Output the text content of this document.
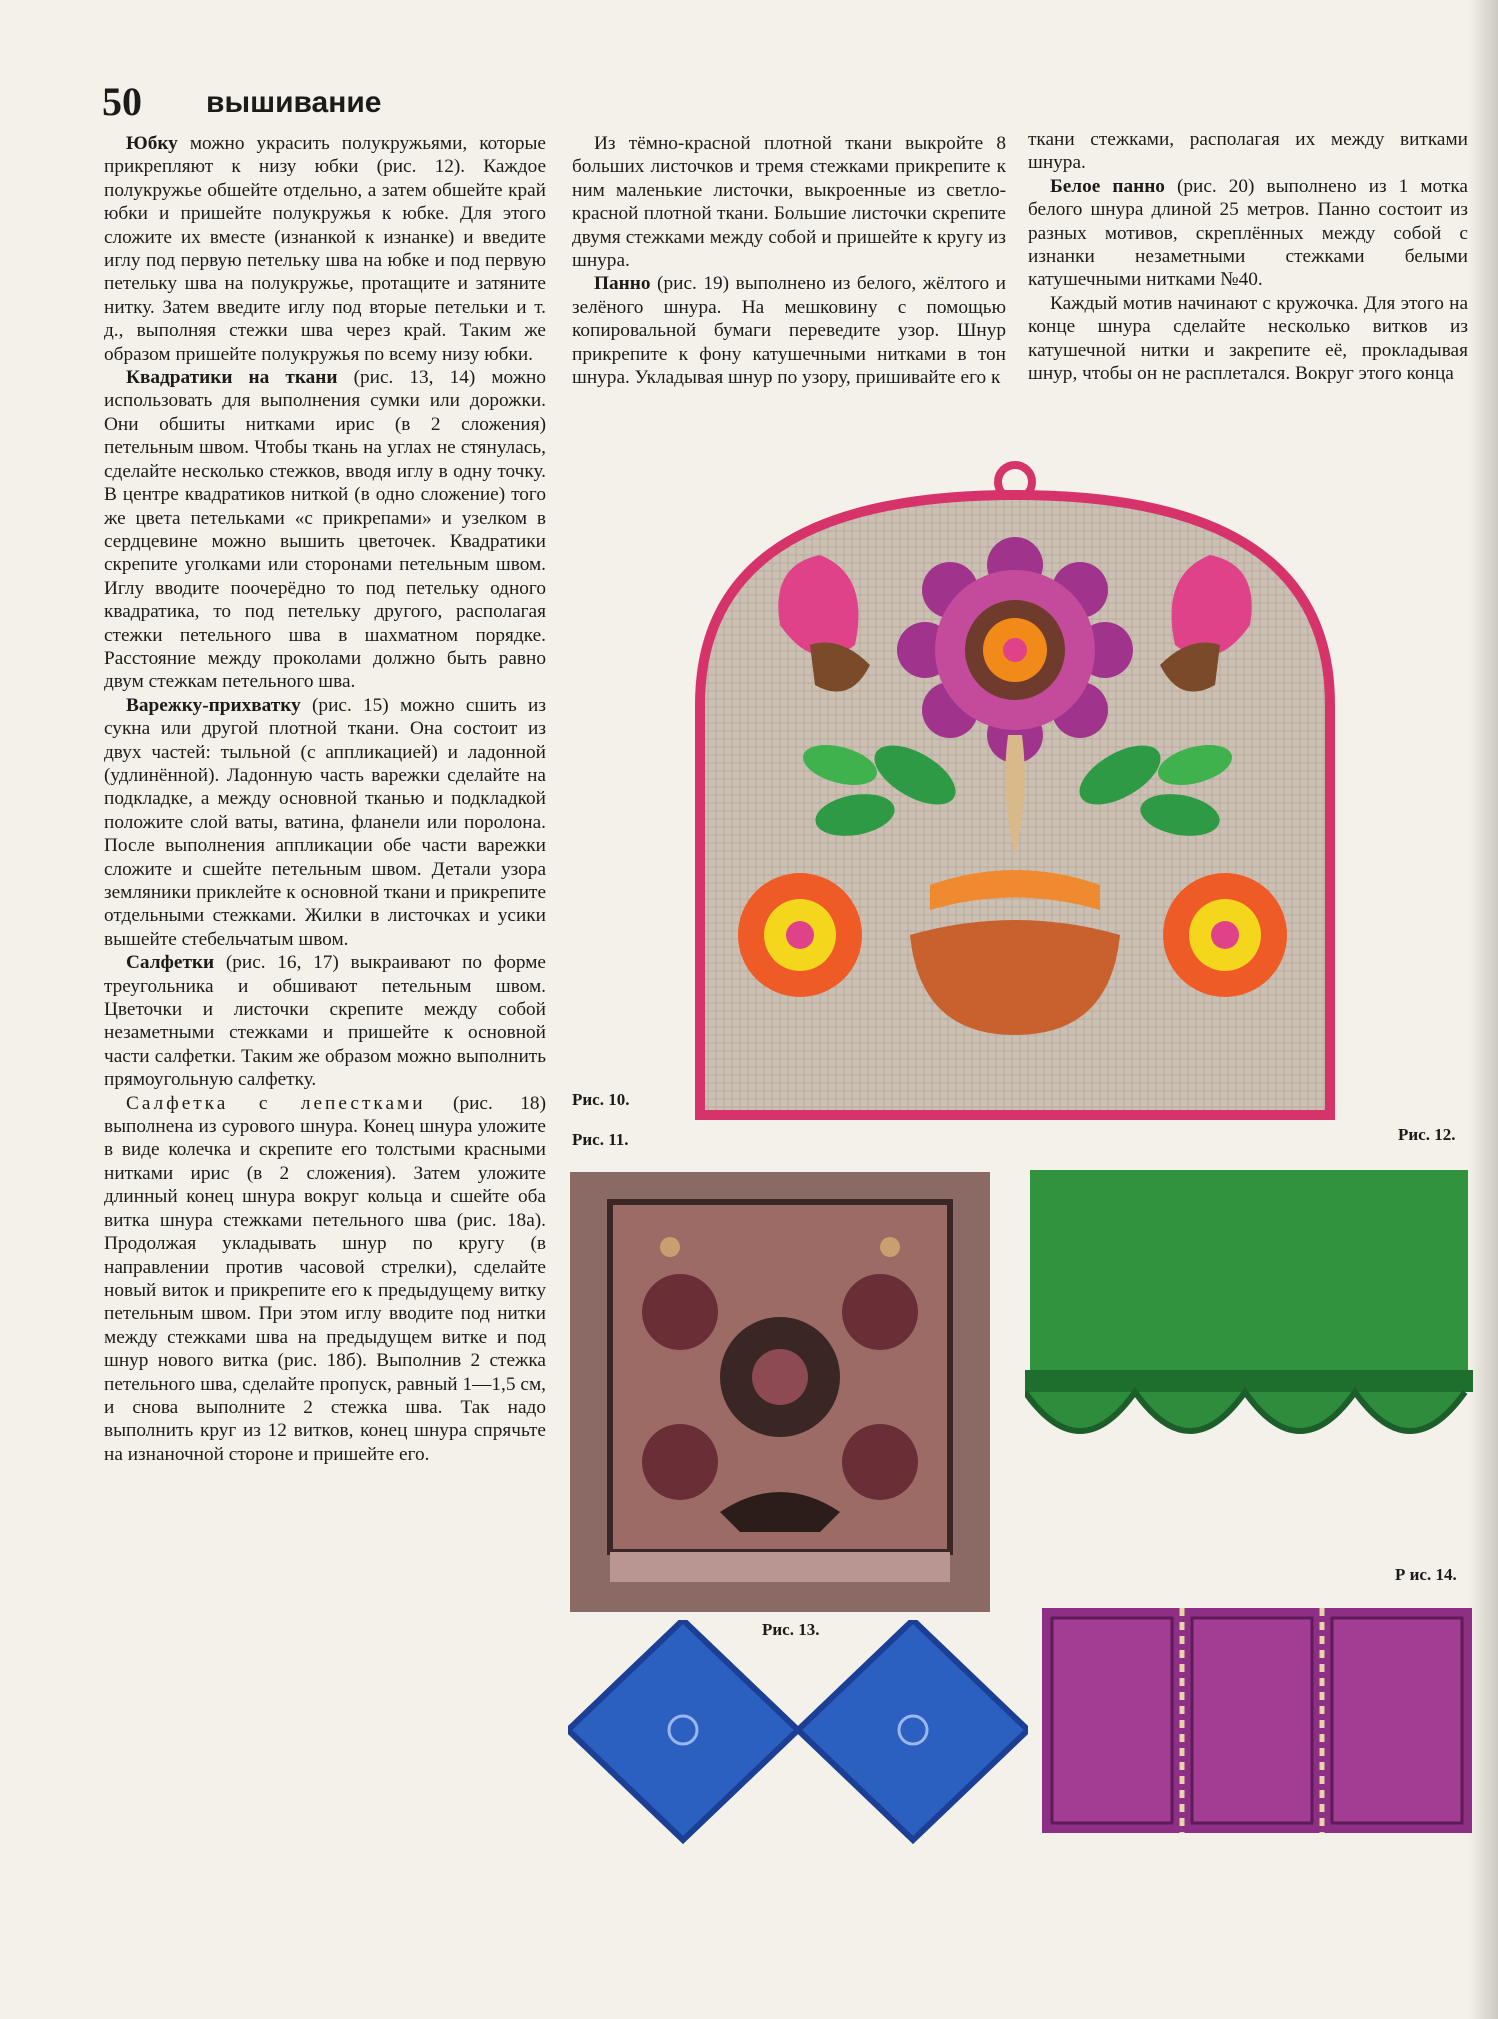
50 вышивание

Юбку можно украсить полукружьями, которые прикрепляют к низу юбки (рис. 12). Каждое полукружье обшейте отдельно, а затем обшейте край юбки и пришейте полукружья к юбке. Для этого сложите их вместе (изнанкой к изнанке) и введите иглу под первую петельку шва на юбке и под первую петельку шва на полукружье, протащите и затяните нитку. Затем введите иглу под вторые петельки и т. д., выполняя стежки шва через край. Таким же образом пришейте полукружья по всему низу юбки.

Квадратики на ткани (рис. 13, 14) можно использовать для выполнения сумки или дорожки. Они обшиты нитками ирис (в 2 сложения) петельным швом. Чтобы ткань на углах не стянулась, сделайте несколько стежков, вводя иглу в одну точку. В центре квадратиков ниткой (в одно сложение) того же цвета петельками «с прикрепами» и узелком в сердцевине можно вышить цветочек. Квадратики скрепите уголками или сторонами петельным швом. Иглу вводите поочерёдно то под петельку одного квадратика, то под петельку другого, располагая стежки петельного шва в шахматном порядке. Расстояние между проколами должно быть равно двум стежкам петельного шва.

Варежку-прихватку (рис. 15) можно сшить из сукна или другой плотной ткани. Она состоит из двух частей: тыльной (с аппликацией) и ладонной (удлинённой). Ладонную часть варежки сделайте на подкладке, а между основной тканью и подкладкой положите слой ваты, ватина, фланели или поролона. После выполнения аппликации обе части варежки сложите и сшейте петельным швом. Детали узора земляники приклейте к основной ткани и прикрепите отдельными стежками. Жилки в листочках и усики вышейте стебельчатым швом.

Салфетки (рис. 16, 17) выкраивают по форме треугольника и обшивают петельным швом. Цветочки и листочки скрепите между собой незаметными стежками и пришейте к основной части салфетки. Таким же образом можно выполнить прямоугольную салфетку.

Салфетка с лепестками (рис. 18) выполнена из сурового шнура. Конец шнура уложите в виде колечка и скрепите его толстыми красными нитками ирис (в 2 сложения). Затем уложите длинный конец шнура вокруг кольца и сшейте оба витка шнура стежками петельного шва (рис. 18а). Продолжая укладывать шнур по кругу (в направлении против часовой стрелки), сделайте новый виток и прикрепите его к предыдущему витку петельным швом. При этом иглу вводите под нитки между стежками шва на предыдущем витке и под шнур нового витка (рис. 18б). Выполнив 2 стежка петельного шва, сделайте пропуск, равный 1—1,5 см, и снова выполните 2 стежка шва. Так надо выполнить круг из 12 витков, конец шнура спрячьте на изнаночной стороне и пришейте его.

Из тёмно-красной плотной ткани выкройте 8 больших листочков и тремя стежками прикрепите к ним маленькие листочки, выкроенные из светло-красной плотной ткани. Большие листочки скрепите двумя стежками между собой и пришейте к кругу из шнура.

Панно (рис. 19) выполнено из белого, жёлтого и зелёного шнура. На мешковину с помощью копировальной бумаги переведите узор. Шнур прикрепите к фону катушечными нитками в тон шнура. Укладывая шнур по узору, пришивайте его к

ткани стежками, располагая их между витками шнура.

Белое панно (рис. 20) выполнено из 1 мотка белого шнура длиной 25 метров. Панно состоит из разных мотивов, скреплённых между собой с изнанки незаметными стежками белыми катушечными нитками №40.

Каждый мотив начинают с кружочка. Для этого на конце шнура сделайте несколько витков из катушечной нитки и закрепите её, прокладывая шнур, чтобы он не расплетался. Вокруг этого конца

Рис. 10.
Рис. 11.	Рис. 12.
Рис. 13.
Р ис. 14.
